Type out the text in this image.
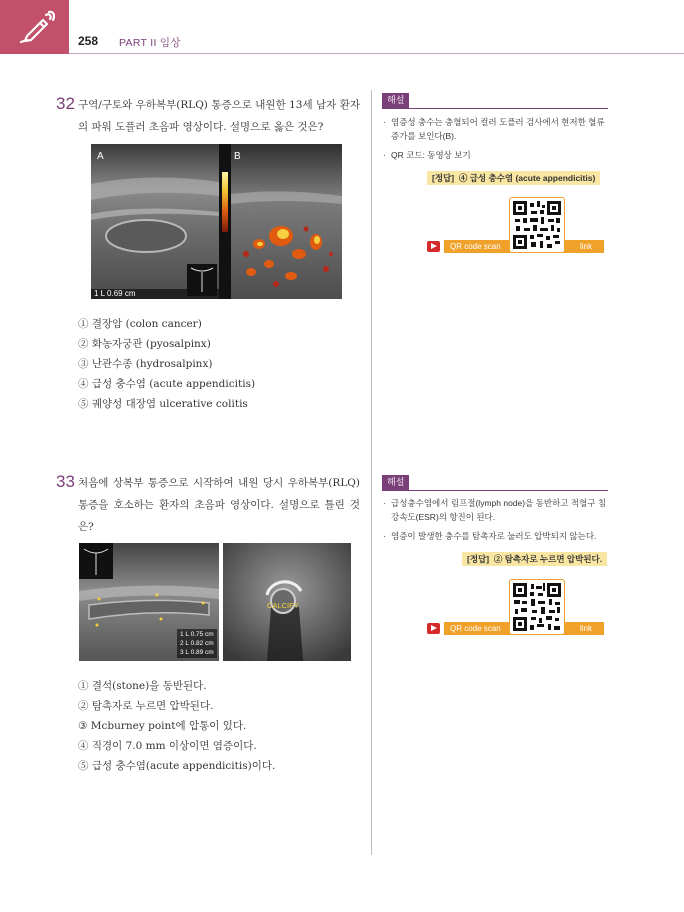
258 PART II 임상
32 구역/구토와 우하복부(RLQ) 통증으로 내원한 13세 남자 환자의 파워 도플러 초음파 영상이다. 설명으로 옳은 것은?
A
1 L 0.69 cm
B
① 결장암 (colon cancer)
② 화농자궁관 (pyosalpinx)
③ 난관수종 (hydrosalpinx)
④ 급성 충수염 (acute appendicitis)
⑤ 궤양성 대장염 ulcerative colitis
해설
· 염증성 충수는 충혈되어 컬러 도플러 검사에서 현저한 혈류 증가를 보인다(B).
· QR 코드: 동영상 보기
[정답] ④ 급성 충수염 (acute appendicitis)
QR code scan	link
33 처음에 상복부 통증으로 시작하여 내원 당시 우하복부(RLQ) 통증을 호소하는 환자의 초음파 영상이다. 설명으로 틀린 것은?
1 L 0.75 cm
2 L 0.82 cm
3 L 0.89 cm
CALCIFY
① 결석(stone)을 동반된다.
② 탐촉자로 누르면 압박된다.
③ Mcburney point에 압통이 있다.
④ 직경이 7.0 mm 이상이면 염증이다.
⑤ 급성 충수염(acute appendicitis)이다.
해설
· 급성충수염에서 림프절(lymph node)을 동반하고 적혈구 침강속도(ESR)의 항진이 된다.
· 염증이 발생한 충수를 탐촉자로 눌러도 압박되지 않는다.
[정답] ② 탐촉자로 누르면 압박된다.
QR code scan	link
